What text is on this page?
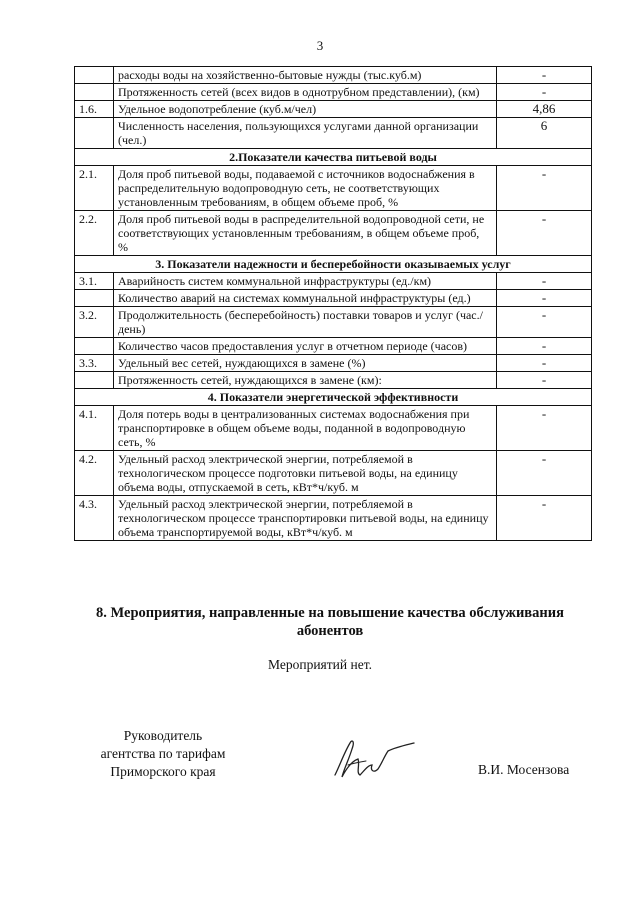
3
	расходы воды на хозяйственно-бытовые нужды (тыс.куб.м)	-
	Протяженность сетей (всех видов в однотрубном представлении), (км)	-
1.6.	Удельное водопотребление (куб.м/чел)	4,86
	Численность населения, пользующихся услугами данной организации (чел.)	6
2.Показатели качества питьевой воды		
2.1.	Доля проб питьевой воды, подаваемой с источников водоснабжения в распределительную водопроводную сеть, не соответствующих установленным требованиям, в общем объеме проб, %	-
2.2.	Доля проб питьевой воды в распределительной водопроводной сети, не соответствующих установленным требованиям, в общем объеме проб, %	-
3. Показатели надежности и бесперебойности оказываемых услуг		
3.1.	Аварийность систем коммунальной инфраструктуры (ед./км)	-
	Количество аварий на системах коммунальной инфраструктуры (ед.)	-
3.2.	Продолжительность (бесперебойность) поставки товаров и услуг (час./день)	-
	Количество часов предоставления услуг в отчетном периоде (часов)	-
3.3.	Удельный вес сетей, нуждающихся в замене (%)	-
	Протяженность сетей, нуждающихся в замене (км):	-
4. Показатели энергетической эффективности		
4.1.	Доля потерь воды в централизованных системах водоснабжения при транспортировке в общем объеме воды, поданной в водопроводную сеть, %	-
4.2.	Удельный расход электрической энергии, потребляемой в технологическом процессе подготовки питьевой воды, на единицу объема воды, отпускаемой в сеть, кВт*ч/куб. м	-
4.3.	Удельный расход электрической энергии, потребляемой в технологическом процессе транспортировки питьевой воды, на единицу объема транспортируемой воды, кВт*ч/куб. м	-
8. Мероприятия, направленные на повышение качества обслуживания
абонентов
Мероприятий нет.
Руководитель
агентства по тарифам
Приморского края	В.И. Мосензова
